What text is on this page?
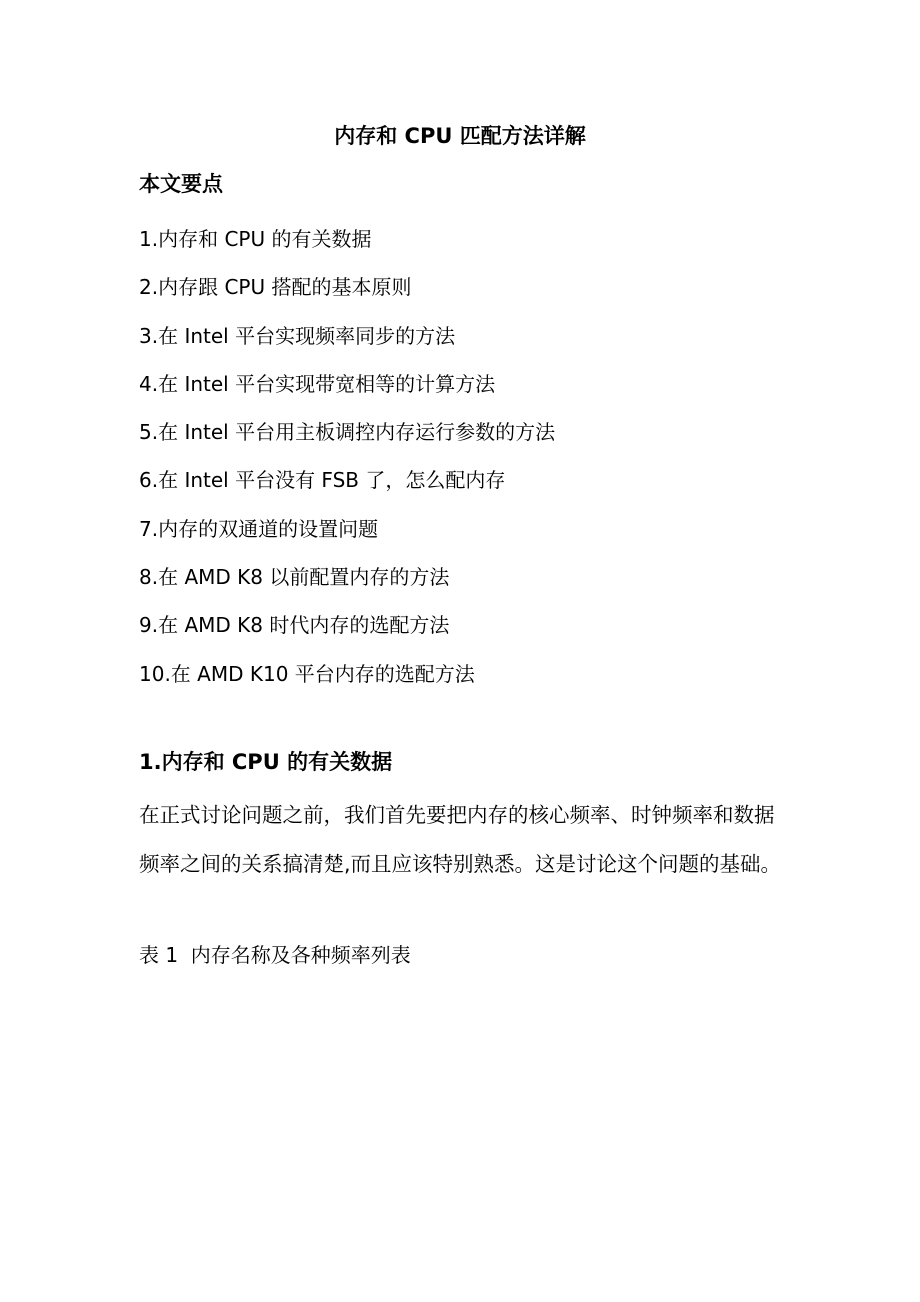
内存和 CPU 匹配方法详解
本文要点
1.内存和 CPU 的有关数据
2.内存跟 CPU 搭配的基本原则
3.在 Intel 平台实现频率同步的方法
4.在 Intel 平台实现带宽相等的计算方法
5.在 Intel 平台用主板调控内存运行参数的方法
6.在 Intel 平台没有 FSB 了，怎么配内存
7.内存的双通道的设置问题
8.在 AMD K8 以前配置内存的方法
9.在 AMD K8 时代内存的选配方法
10.在 AMD K10 平台内存的选配方法
1.内存和 CPU 的有关数据

在正式讨论问题之前，我们首先要把内存的核心频率、时钟频率和数据频率之间的关系搞清楚,而且应该特别熟悉。这是讨论这个问题的基础。

表 1  内存名称及各种频率列表
